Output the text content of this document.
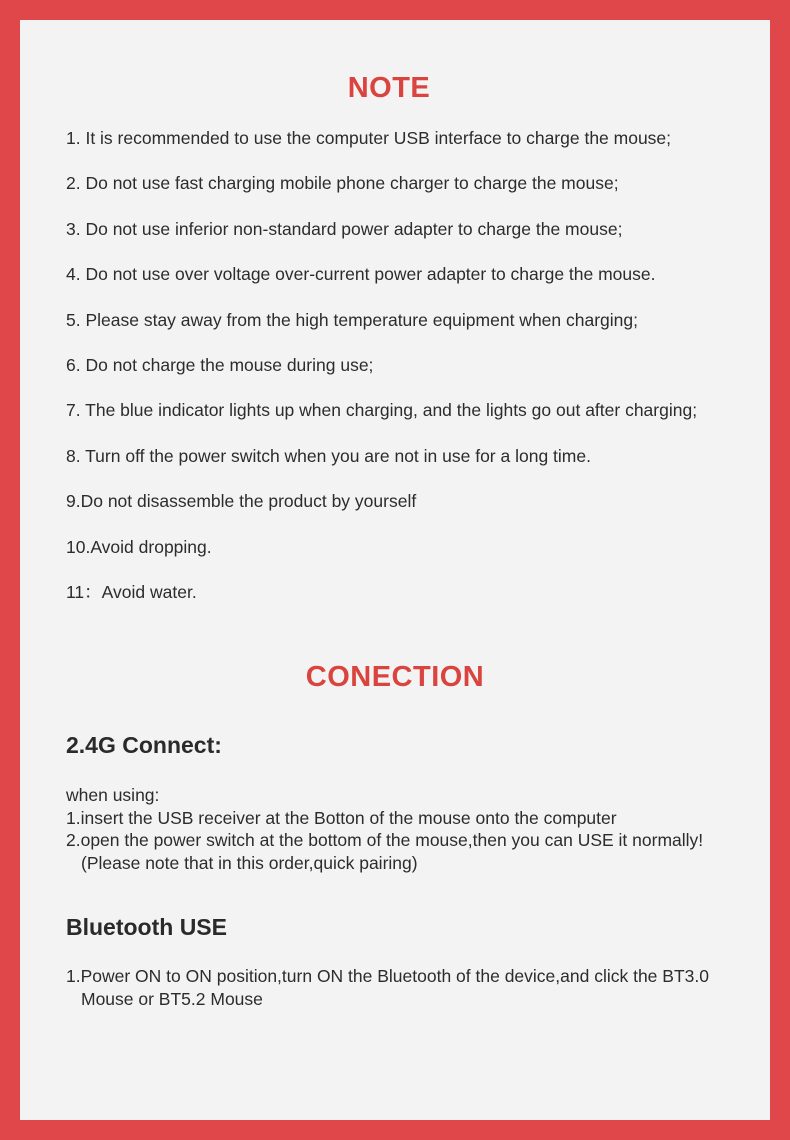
NOTE
1. It is recommended to use the computer USB interface to charge the mouse;
2. Do not use fast charging mobile phone charger to charge the mouse;
3. Do not use inferior non-standard power adapter to charge the mouse;
4. Do not use over voltage over-current power adapter to charge the mouse.
5. Please stay away from the high temperature equipment when charging;
6. Do not charge the mouse during use;
7. The blue indicator lights up when charging, and the lights go out after charging;
8. Turn off the power switch when you are not in use for a long time.
9.Do not disassemble the product by yourself
10.Avoid dropping.
11：Avoid water.
CONECTION
2.4G Connect:
when using:
1.insert the USB receiver at the Botton of the mouse onto the computer
2.open the power switch at the bottom of the mouse,then you can USE it normally!
(Please note that in this order,quick pairing)
Bluetooth USE
1.Power ON to ON position,turn ON the Bluetooth of the device,and click the BT3.0
Mouse or BT5.2 Mouse
